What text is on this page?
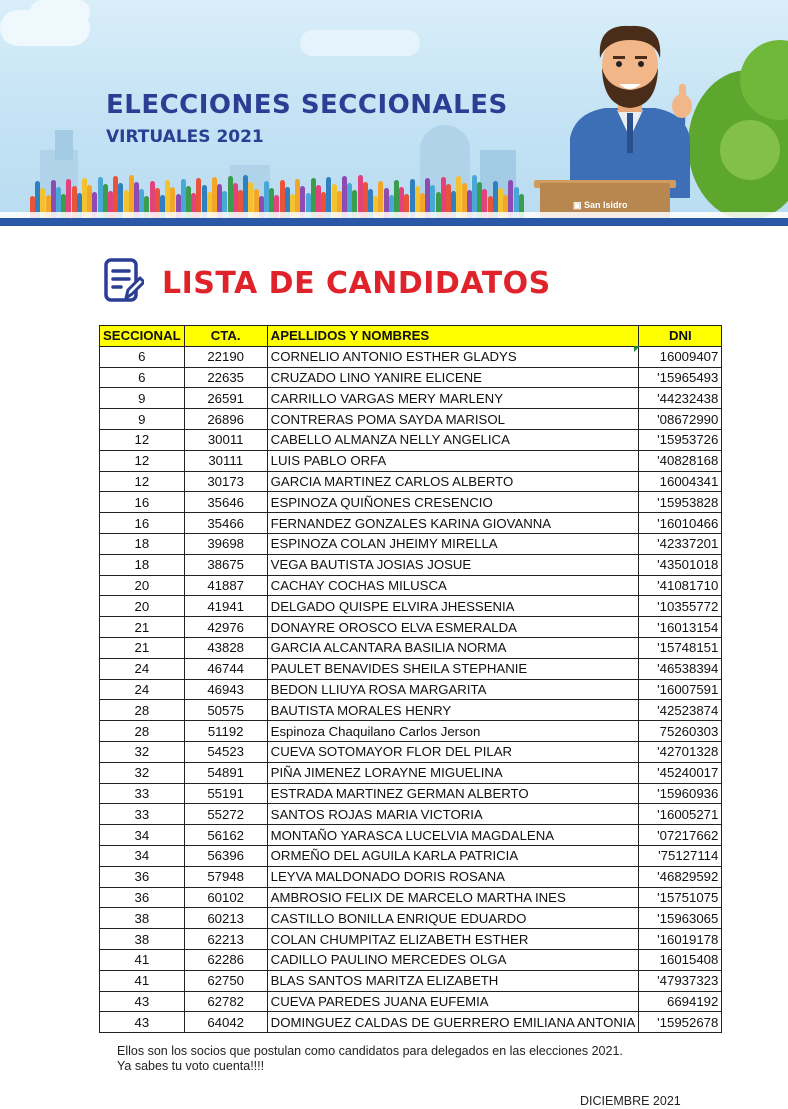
ELECCIONES SECCIONALES
VIRTUALES 2021
▣ San Isidro
LISTA DE CANDIDATOS
SECCIONAL	CTA.	APELLIDOS Y NOMBRES	DNI
6	22190	CORNELIO ANTONIO ESTHER GLADYS	16009407
6	22635	CRUZADO LINO YANIRE ELICENE	'15965493
9	26591	CARRILLO VARGAS MERY MARLENY	'44232438
9	26896	CONTRERAS POMA SAYDA MARISOL	'08672990
12	30011	CABELLO ALMANZA NELLY ANGELICA	'15953726
12	30111	LUIS PABLO ORFA	'40828168
12	30173	GARCIA MARTINEZ CARLOS ALBERTO	16004341
16	35646	ESPINOZA QUIÑONES CRESENCIO	'15953828
16	35466	FERNANDEZ GONZALES KARINA GIOVANNA	'16010466
18	39698	ESPINOZA COLAN JHEIMY MIRELLA	'42337201
18	38675	VEGA BAUTISTA JOSIAS JOSUE	'43501018
20	41887	CACHAY COCHAS MILUSCA	'41081710
20	41941	DELGADO QUISPE ELVIRA JHESSENIA	'10355772
21	42976	DONAYRE OROSCO ELVA ESMERALDA	'16013154
21	43828	GARCIA ALCANTARA BASILIA NORMA	'15748151
24	46744	PAULET BENAVIDES SHEILA STEPHANIE	'46538394
24	46943	BEDON LLIUYA ROSA MARGARITA	'16007591
28	50575	BAUTISTA MORALES HENRY	'42523874
28	51192	Espinoza Chaquilano Carlos Jerson	75260303
32	54523	CUEVA SOTOMAYOR FLOR DEL PILAR	'42701328
32	54891	PIÑA JIMENEZ LORAYNE MIGUELINA	'45240017
33	55191	ESTRADA MARTINEZ GERMAN ALBERTO	'15960936
33	55272	SANTOS ROJAS MARIA VICTORIA	'16005271
34	56162	MONTAÑO YARASCA LUCELVIA MAGDALENA	'07217662
34	56396	ORMEÑO DEL AGUILA KARLA PATRICIA	'75127114
36	57948	LEYVA MALDONADO DORIS ROSANA	'46829592
36	60102	AMBROSIO FELIX DE MARCELO MARTHA INES	'15751075
38	60213	CASTILLO BONILLA ENRIQUE EDUARDO	'15963065
38	62213	COLAN CHUMPITAZ ELIZABETH ESTHER	'16019178
41	62286	CADILLO PAULINO MERCEDES OLGA	16015408
41	62750	BLAS SANTOS MARITZA ELIZABETH	'47937323
43	62782	CUEVA PAREDES JUANA EUFEMIA	6694192
43	64042	DOMINGUEZ CALDAS DE GUERRERO EMILIANA ANTONIA	'15952678
Ellos son los socios que postulan como candidatos para delegados en las elecciones 2021.
Ya sabes tu voto cuenta!!!!
DICIEMBRE 2021
